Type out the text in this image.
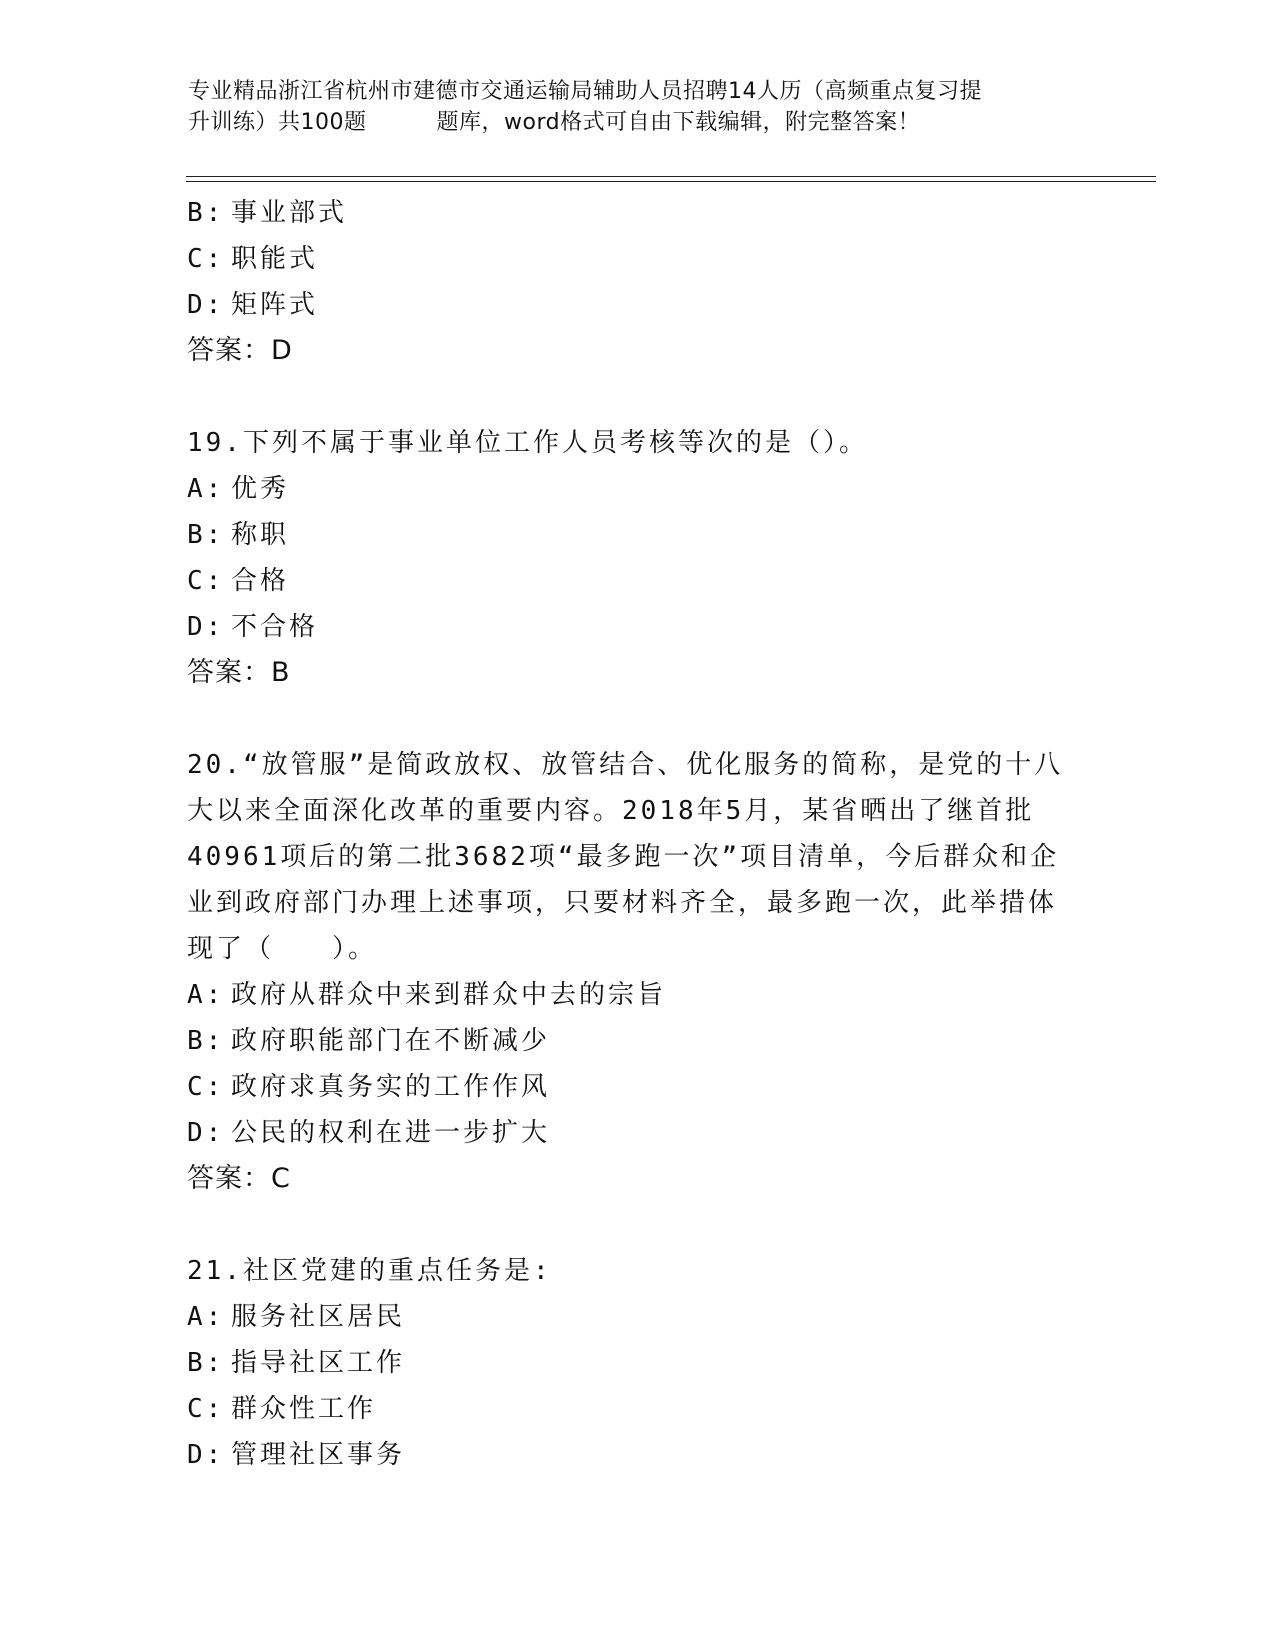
专业精品浙江省杭州市建德市交通运输局辅助人员招聘14人历（高频重点复习提
升训练）共100题	题库，word格式可自由下载编辑，附完整答案！
B: 事业部式
C: 职能式
D: 矩阵式
答案：D
19.下列不属于事业单位工作人员考核等次的是（）。
A: 优秀
B: 称职
C: 合格
D: 不合格
答案：B
20.“放管服”是简政放权、放管结合、优化服务的简称，是党的十八
大以来全面深化改革的重要内容。2018年5月，某省晒出了继首批
40961项后的第二批3682项“最多跑一次”项目清单，今后群众和企
业到政府部门办理上述事项，只要材料齐全，最多跑一次，此举措体
现了（　　）。
A: 政府从群众中来到群众中去的宗旨
B: 政府职能部门在不断减少
C: 政府求真务实的工作作风
D: 公民的权利在进一步扩大
答案：C
21.社区党建的重点任务是:
A: 服务社区居民
B: 指导社区工作
C: 群众性工作
D: 管理社区事务
